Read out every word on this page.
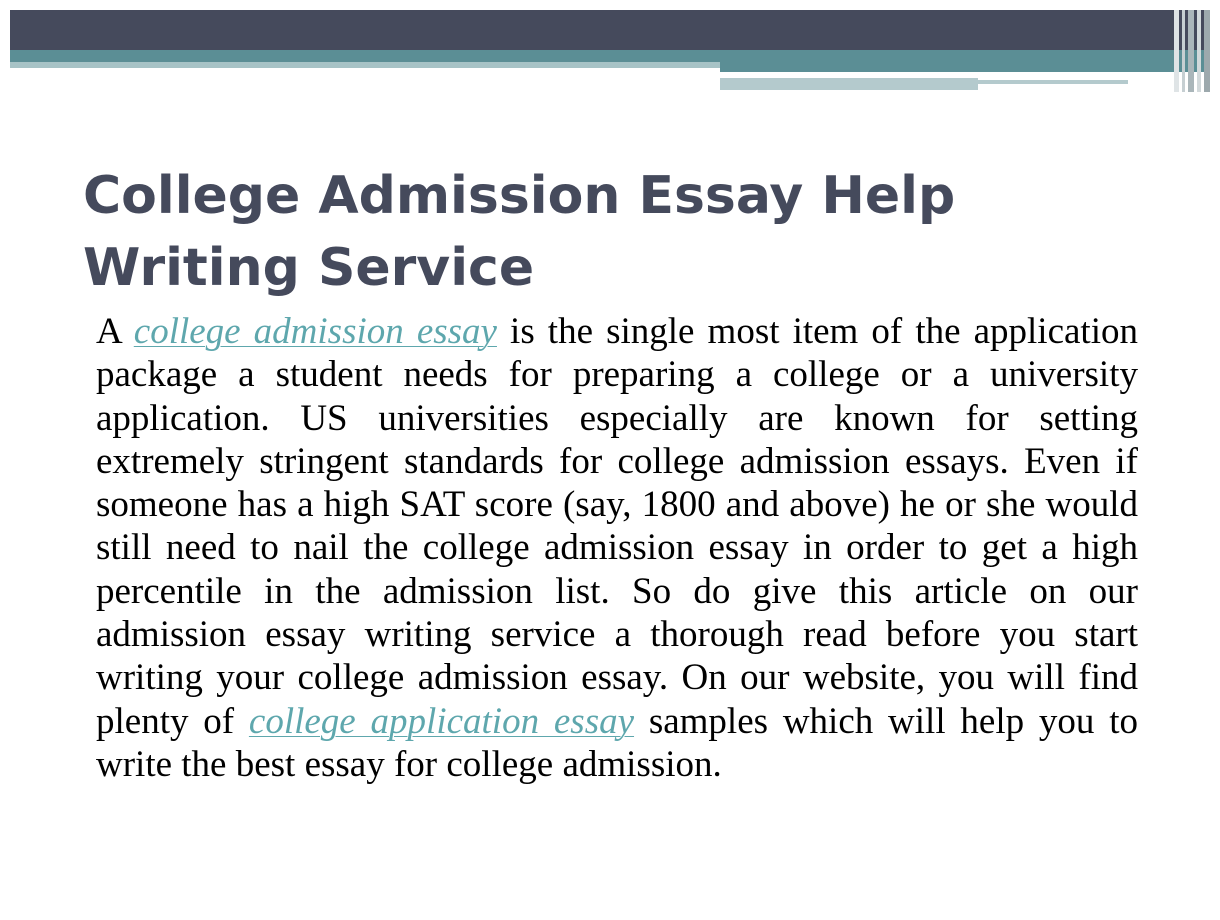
College Admission Essay Help Writing Service

A college admission essay is the single most item of the application package a student needs for preparing a college or a university application. US universities especially are known for setting extremely stringent standards for college admission essays. Even if someone has a high SAT score (say, 1800 and above) he or she would still need to nail the college admission essay in order to get a high percentile in the admission list. So do give this article on our admission essay writing service a thorough read before you start writing your college admission essay. On our website, you will find plenty of college application essay samples which will help you to write the best essay for college admission.
